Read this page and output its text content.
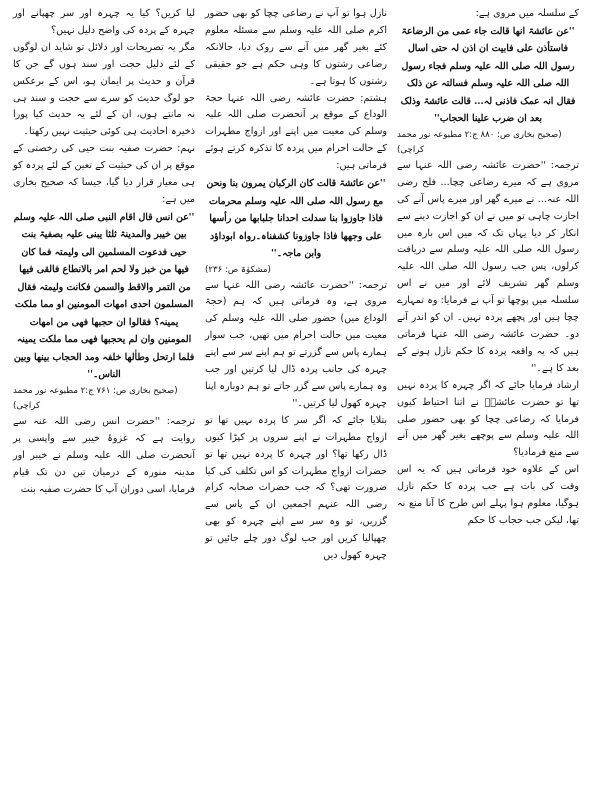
کے سلسلہ میں مروی ہے:

''عن عائشۃ انھا قالت جاء عمی من الرضاعۃ فاستأذن علی فابیت ان اذن لہ حتی اسال رسول اللہ صلی اللہ علیہ وسلم فجاء رسول اللہ صلی اللہ علیہ وسلم فسالتہ عن ذلک فقال انہ عمک فاذنی لہ... قالت عائشۃ وذلک بعد ان ضرب علینا الحجاب''

(صحیح بخاری ص: ۸۸۰ ج:۲ مطبوعہ نور محمد کراچی)

ترجمہ: ''حضرت عائشہ رضی اللہ عنہا سے مروی ہے کہ میرے رضاعی چچا... فلح رضی اللہ عنہ... نے میرے گھر اور میرے پاس آنے کی اجازت چاہی تو میں نے ان کو اجازت دینے سے انکار کر دیا یہاں تک کہ میں اس بارہ میں رسول اللہ صلی اللہ علیہ وسلم سے دریافت کرلوں، پس جب رسول اللہ صلی اللہ علیہ وسلم گھر تشریف لائے اور میں نے اس سلسلہ میں پوچھا تو آپ نے فرمایا: وہ تمہارے چچا ہیں اور پچھے پردہ نہیں۔ ان کو اندر آنے دو۔ حضرت عائشہ رضی اللہ عنہا فرماتی ہیں کہ یہ واقعہ پردہ کا حکم نازل ہونے کے بعد کا ہے۔''

ارشاد فرمایا جائے کہ اگر چہرہ کا پردہ نہیں تھا تو حضرت عائشہؓ نے اتنا احتیاط کیوں فرمایا کہ رضاعی چچا کو بھی حضور صلی اللہ علیہ وسلم سے پوچھے بغیر گھر میں آنے سے منع فرمادیا؟

اس کے علاوہ خود فرماتی ہیں کہ یہ اس وقت کی بات ہے جب پردہ کا حکم نازل ہوگیا، معلوم ہوا پہلے اس طرح کا آنا منع نہ تھا، لیکن جب حجاب کا حکم

نازل ہوا تو آپ نے رضاعی چچا کو بھی حضور اکرم صلی اللہ علیہ وسلم سے مسئلہ معلوم کئے بغیر گھر میں آنے سے روک دیا، حالانکہ رضاعی رشتوں کا وہی حکم ہے جو حقیقی رشتوں کا ہوتا ہے۔

ہشتم: حضرت عائشہ رضی اللہ عنہا حجۃ الوداع کے موقع پر آنحضرت صلی اللہ علیہ وسلم کی معیت میں اپنے اور ازواج مطہرات کے حالت احرام میں پردہ کا تذکرہ کرتے ہوئے فرماتی ہیں:

''عن عائشۃ قالت کان الرکبان یمرون بنا ونحن مع رسول اللہ صلی اللہ علیہ وسلم محرمات فاذا جاوزوا بنا سدلت احدانا جلبابھا من رأسھا علی وجھھا فاذا جاوزونا کشفناہ۔رواہ ابوداؤد وابن ماجہ۔''

(مشکوٰۃ ص: ۲۳۶)

ترجمہ: ''حضرت عائشہ رضی اللہ عنہا سے مروی ہے، وہ فرماتی ہیں کہ ہم (حجۃ الوداع میں) حضور صلی اللہ علیہ وسلم کی معیت میں حالت احرام میں تھیں، جب سوار ہمارے پاس سے گزرتے تو ہم اپنے سر سے اپنے چہرہ کی جانب پردہ ڈال لیا کرتیں اور جب وہ ہمارے پاس سے گزر جاتے تو ہم دوبارہ اپنا چہرہ کھول لیا کرتیں۔''

بتلایا جائے کہ اگر سر کا پردہ نہیں تھا تو ازواج مطہرات نے اپنے سروں پر کپڑا کیوں ڈال رکھا تھا؟ اور چہرہ کا پردہ نہیں تھا تو حضرات ازواج مطہرات کو اس تکلف کی کیا ضرورت تھی؟ کہ جب حضرات صحابہ کرام رضی اللہ عنہم اجمعین ان کے پاس سے گزریں، تو وہ سر سے اپنے چہرہ کو بھی چھپالیا کریں اور جب لوگ دور چلے جائیں تو چہرہ کھول دیں

لیا کریں؟ کیا یہ چہرہ اور سر چھپانے اور چہرہ کے پردہ کی واضح دلیل نہیں؟

مگر یہ تصریحات اور دلائل تو شاید ان لوگوں کے لئے دلیل حجت اور سند ہوں گے جن کا قرآن و حدیث پر ایمان ہو، اس کے برعکس جو لوگ حدیث کو سرے سے حجت و سند ہی نہ مانتے ہوں، ان کے لئے یہ حدیث کیا پورا ذخیرہ احادیث ہی کوئی حیثیت نہیں رکھتا۔

نہم: حضرت صفیہ بنت حیی کی رخصتی کے موقع پر ان کی حیثیت کے تعین کے لئے پردہ کو ہی معیار قرار دیا گیا، جیسا کہ صحیح بخاری میں ہے:

''عن انس قال اقام النبی صلی اللہ علیہ وسلم بین خیبر والمدینۃ ثلثا یبنی علیہ بصفیۃ بنت حیی فدعوت المسلمین الی ولیمتہ فما کان فیھا من خبز ولا لحم امر بالانطاع فالقی فیھا من التمر والاقط والسمن فکانت ولیمتہ فقال المسلمون احدی امھات المومنین او مما ملکت یمینہ؟ فقالوا ان حجبھا فھی من امھات المومنین وان لم یحجبھا فھی مما ملکت یمینہ فلما ارتحل وطاٰلھا خلفہ ومد الحجاب بینھا وبین الناس۔''

(صحیح بخاری ص: ۷۶۱ ج:۲ مطبوعہ نور محمد کراچی)

ترجمہ: ''حضرت انس رضی اللہ عنہ سے روایت ہے کہ غزوۂ خیبر سے واپسی پر آنحضرت صلی اللہ علیہ وسلم نے خیبر اور مدینہ منورہ کے درمیان تین دن تک قیام فرمایا، اسی دوران آپ کا حضرت صفیہ بنت
